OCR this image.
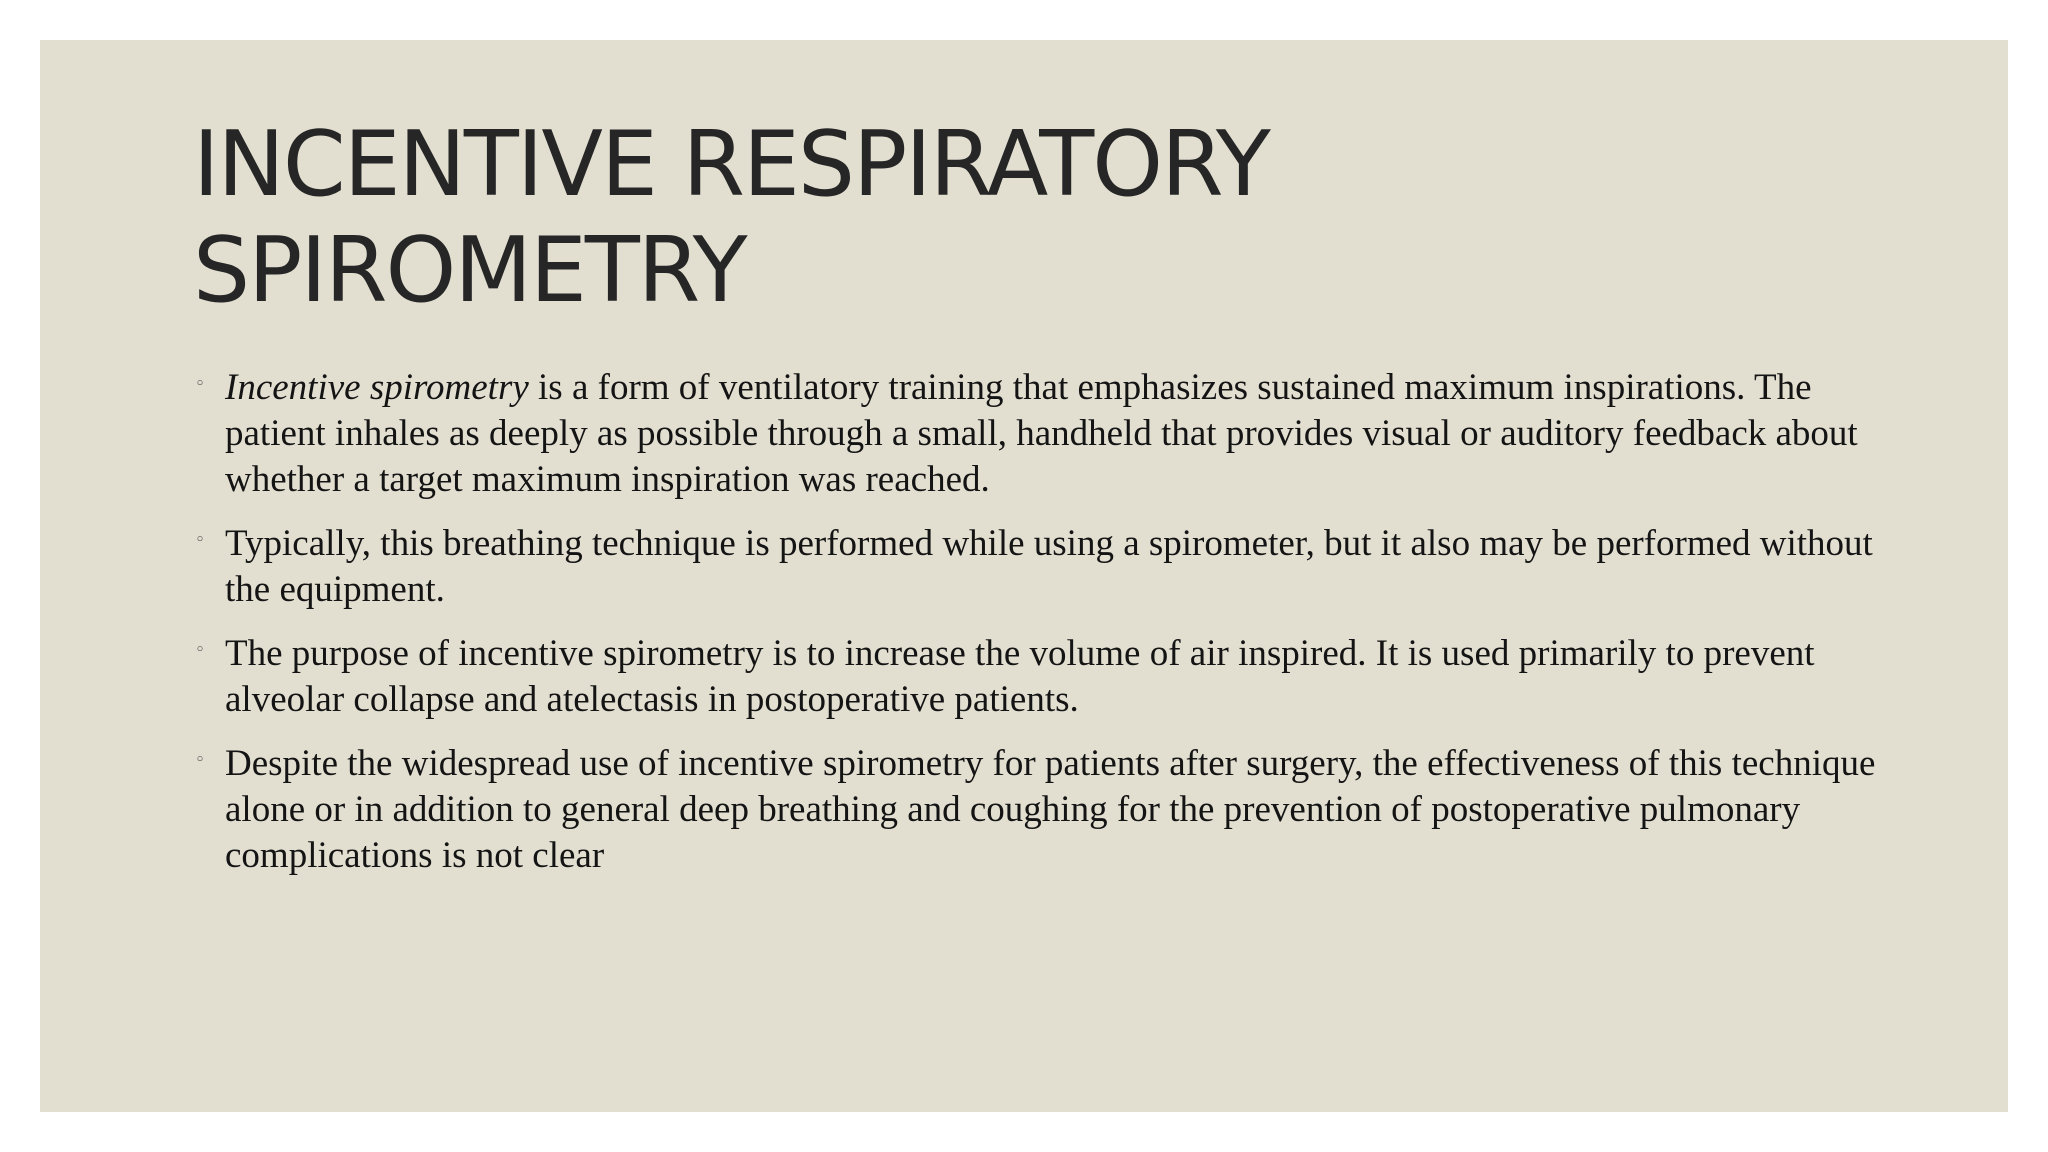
INCENTIVE RESPIRATORY
SPIROMETRY
◦ Incentive spirometry is a form of ventilatory training that emphasizes sustained maximum inspirations. The patient inhales as deeply as possible through a small, handheld that provides visual or auditory feedback about whether a target maximum inspiration was reached.
◦ Typically, this breathing technique is performed while using a spirometer, but it also may be performed without the equipment.
◦ The purpose of incentive spirometry is to increase the volume of air inspired. It is used primarily to prevent alveolar collapse and atelectasis in postoperative patients.
◦ Despite the widespread use of incentive spirometry for patients after surgery, the effectiveness of this technique alone or in addition to general deep breathing and coughing for the prevention of postoperative pulmonary complications is not clear
